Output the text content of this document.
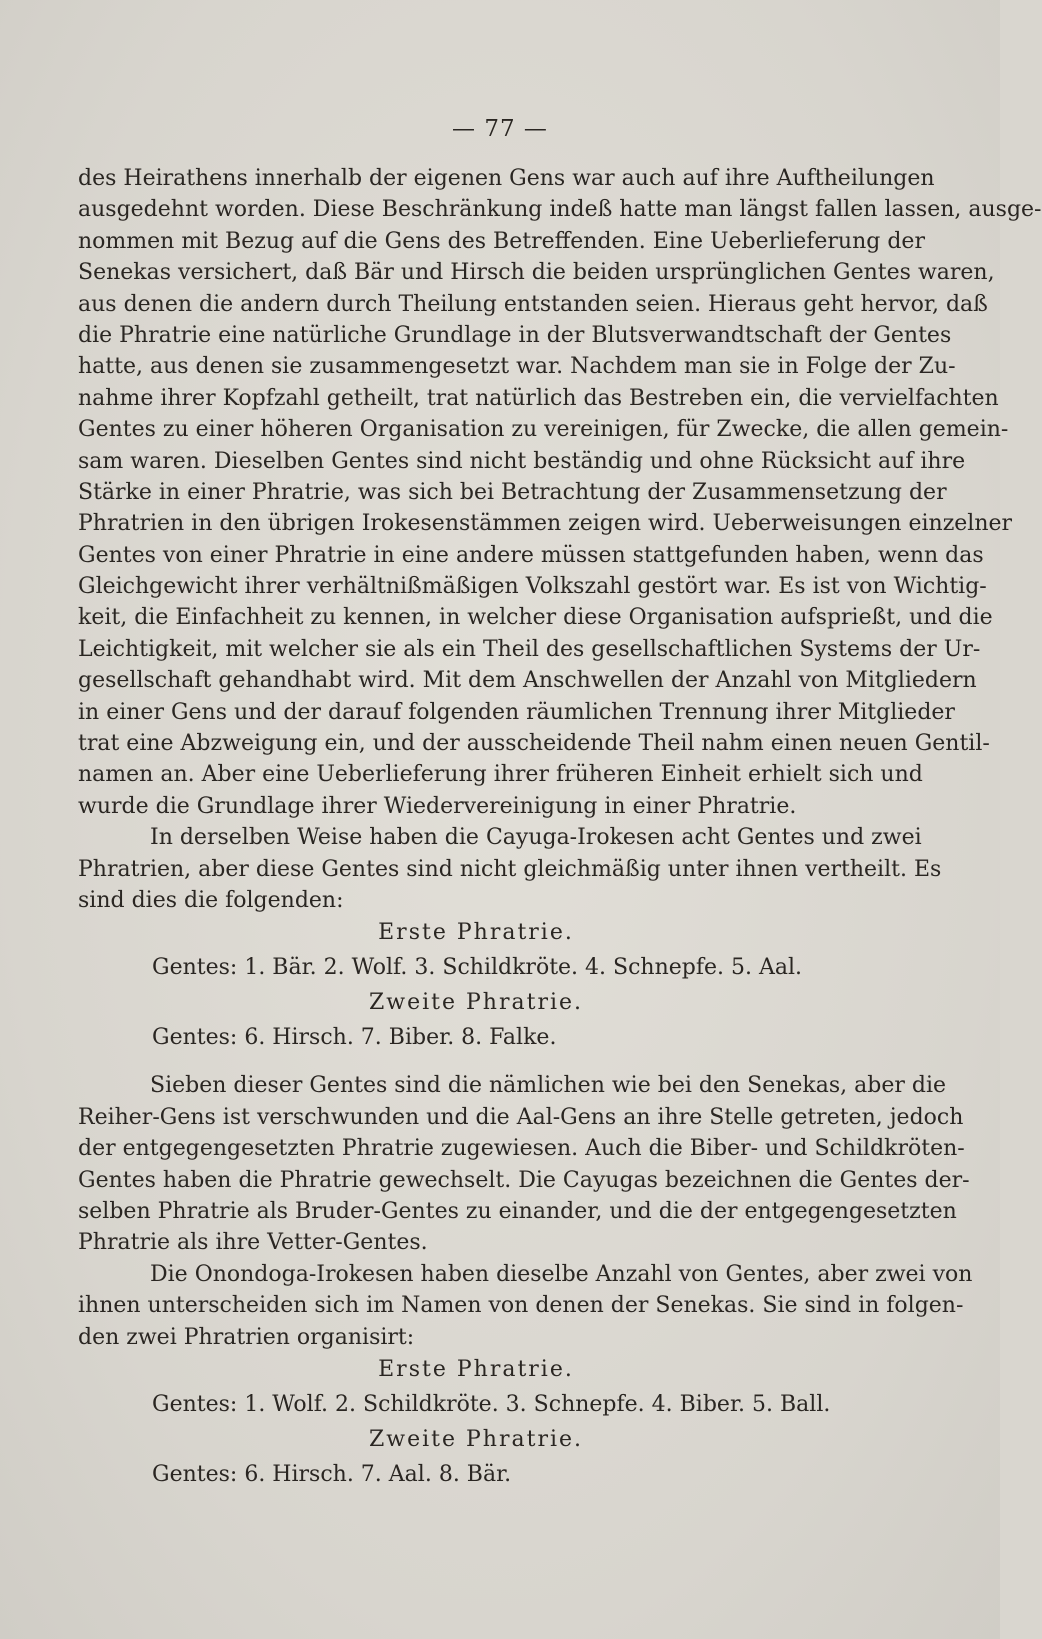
— 77 —
des Heirathens innerhalb der eigenen Gens war auch auf ihre Auftheilungen
ausgedehnt worden. Diese Beschränkung indeß hatte man längst fallen lassen, ausge-
nommen mit Bezug auf die Gens des Betreffenden. Eine Ueberlieferung der
Senekas versichert, daß Bär und Hirsch die beiden ursprünglichen Gentes waren,
aus denen die andern durch Theilung entstanden seien. Hieraus geht hervor, daß
die Phratrie eine natürliche Grundlage in der Blutsverwandtschaft der Gentes
hatte, aus denen sie zusammengesetzt war. Nachdem man sie in Folge der Zu-
nahme ihrer Kopfzahl getheilt, trat natürlich das Bestreben ein, die vervielfachten
Gentes zu einer höheren Organisation zu vereinigen, für Zwecke, die allen gemein-
sam waren. Dieselben Gentes sind nicht beständig und ohne Rücksicht auf ihre
Stärke in einer Phratrie, was sich bei Betrachtung der Zusammensetzung der
Phratrien in den übrigen Irokesenstämmen zeigen wird. Ueberweisungen einzelner
Gentes von einer Phratrie in eine andere müssen stattgefunden haben, wenn das
Gleichgewicht ihrer verhältnißmäßigen Volkszahl gestört war. Es ist von Wichtig-
keit, die Einfachheit zu kennen, in welcher diese Organisation aufsprießt, und die
Leichtigkeit, mit welcher sie als ein Theil des gesellschaftlichen Systems der Ur-
gesellschaft gehandhabt wird. Mit dem Anschwellen der Anzahl von Mitgliedern
in einer Gens und der darauf folgenden räumlichen Trennung ihrer Mitglieder
trat eine Abzweigung ein, und der ausscheidende Theil nahm einen neuen Gentil-
namen an. Aber eine Ueberlieferung ihrer früheren Einheit erhielt sich und
wurde die Grundlage ihrer Wiedervereinigung in einer Phratrie.
In derselben Weise haben die Cayuga-Irokesen acht Gentes und zwei
Phratrien, aber diese Gentes sind nicht gleichmäßig unter ihnen vertheilt. Es
sind dies die folgenden:
Erste Phratrie.
Gentes: 1. Bär. 2. Wolf. 3. Schildkröte. 4. Schnepfe. 5. Aal.
Zweite Phratrie.
Gentes: 6. Hirsch. 7. Biber. 8. Falke.
Sieben dieser Gentes sind die nämlichen wie bei den Senekas, aber die
Reiher-Gens ist verschwunden und die Aal-Gens an ihre Stelle getreten, jedoch
der entgegengesetzten Phratrie zugewiesen. Auch die Biber- und Schildkröten-
Gentes haben die Phratrie gewechselt. Die Cayugas bezeichnen die Gentes der-
selben Phratrie als Bruder-Gentes zu einander, und die der entgegengesetzten
Phratrie als ihre Vetter-Gentes.
Die Onondoga-Irokesen haben dieselbe Anzahl von Gentes, aber zwei von
ihnen unterscheiden sich im Namen von denen der Senekas. Sie sind in folgen-
den zwei Phratrien organisirt:
Erste Phratrie.
Gentes: 1. Wolf. 2. Schildkröte. 3. Schnepfe. 4. Biber. 5. Ball.
Zweite Phratrie.
Gentes: 6. Hirsch. 7. Aal. 8. Bär.
